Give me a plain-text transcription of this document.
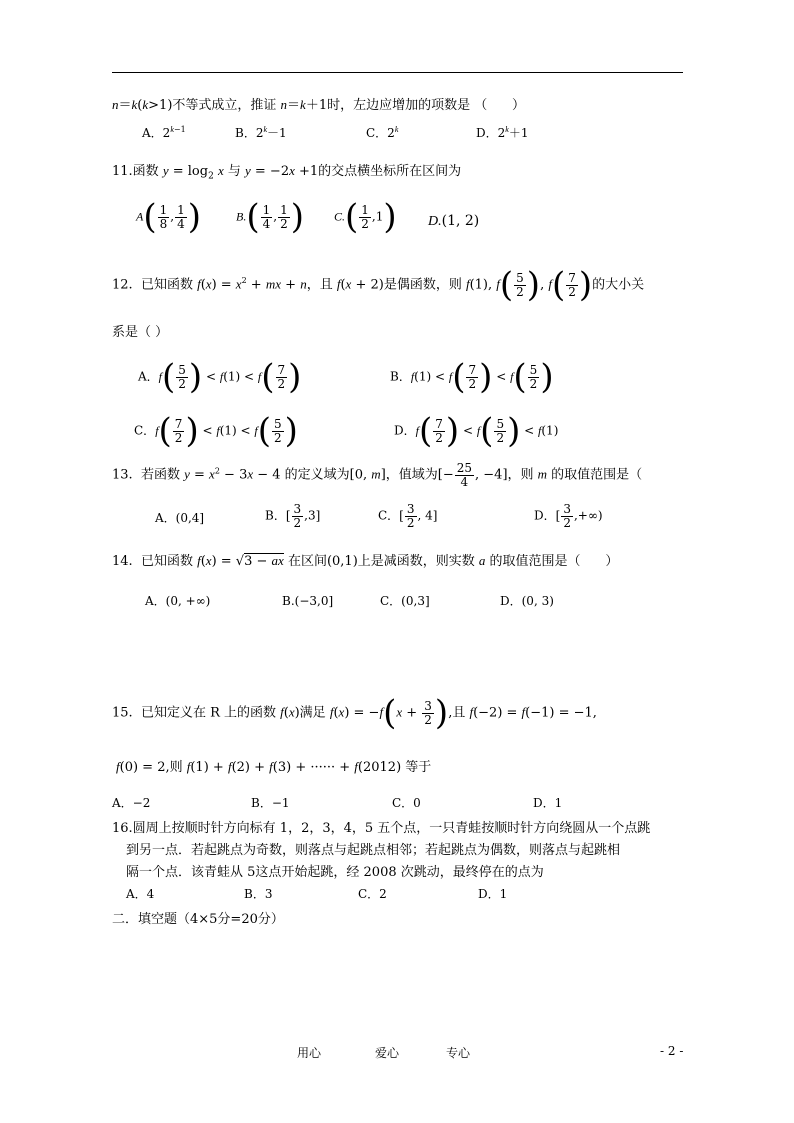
n＝k(k>1)不等式成立，推证 n＝k＋1时，左边应增加的项数是 （      ）
A．$2^{k-1}$	B．$2^k-1$	C．2$^k$	D．$2^k+1$
11.函数 $y = \log_2 x$ 与 y = −2x +1的交点横坐标所在区间为
$A( \frac{1}{8}$ , $\frac{1}{4}$ )	$B.( \frac{1}{4}$ , $\frac{1}{2}$ )	$C.( \frac{1}{2} ,1)$ D.(1, 2)
12.  已知函数 $f(x) = x^2$ + mx + n，且 f(x + 2)是偶函数，则 f(1), $f( \frac{5}{2}$ ), $f( \frac{7}{2}$ )的大小关
系是（ ）
A．$f( \frac{5}{2}$ ) < $f(1) < f( \frac{7}{2}$ )	B．$f(1) < f( \frac{7}{2}$ ) < $f( \frac{5}{2}$ )
C．$f( \frac{7}{2}$ ) < $f(1) < f( \frac{5}{2}$ )	D．$f( \frac{7}{2}$ ) < $f( \frac{5}{2}$ ) < f(1)
13.  若函数 $y = x^2 - 3x - 4$ 的定义域为[0, m]，值域为[− $\frac{25}{4}$ , −4]，则 m 的取值范围是（
A．(0,4]	B．[ $\frac{3}{2} ,3$]	C．[ $\frac{3}{2}$ , 4]	D．[ $\frac{3}{2}$ ,+∞)
14.  已知函数 f(x) = √3 − ax 在区间(0,1)上是减函数，则实数 a 的取值范围是（      ）
A．(0, +∞)	B.(−3,0]	C．(0,3]	D．(0, 3)
15.  已知定义在 R 上的函数 f(x)满足 $f(x) = -f(x + \frac{3}{2}$ ),且 f(−2) = f(−1) = −1,
f(0) = 2,则 f(1) + f(2) + f(3) + ······ + f(2012) 等于
A．−2	B．−1	C．0	D．1
16.圆周上按顺时针方向标有 1，2，3，4，5 五个点，一只青蛙按顺时针方向绕圆从一个点跳
到另一点．若起跳点为奇数，则落点与起跳点相邻；若起跳点为偶数，则落点与起跳相
隔一个点．该青蛙从 5这点开始起跳，经 2008 次跳动，最终停在的点为
A．4	B．3	C．2	D．1
二．填空题（4×5分=20分）
用心	爱心	专心	- 2 -
